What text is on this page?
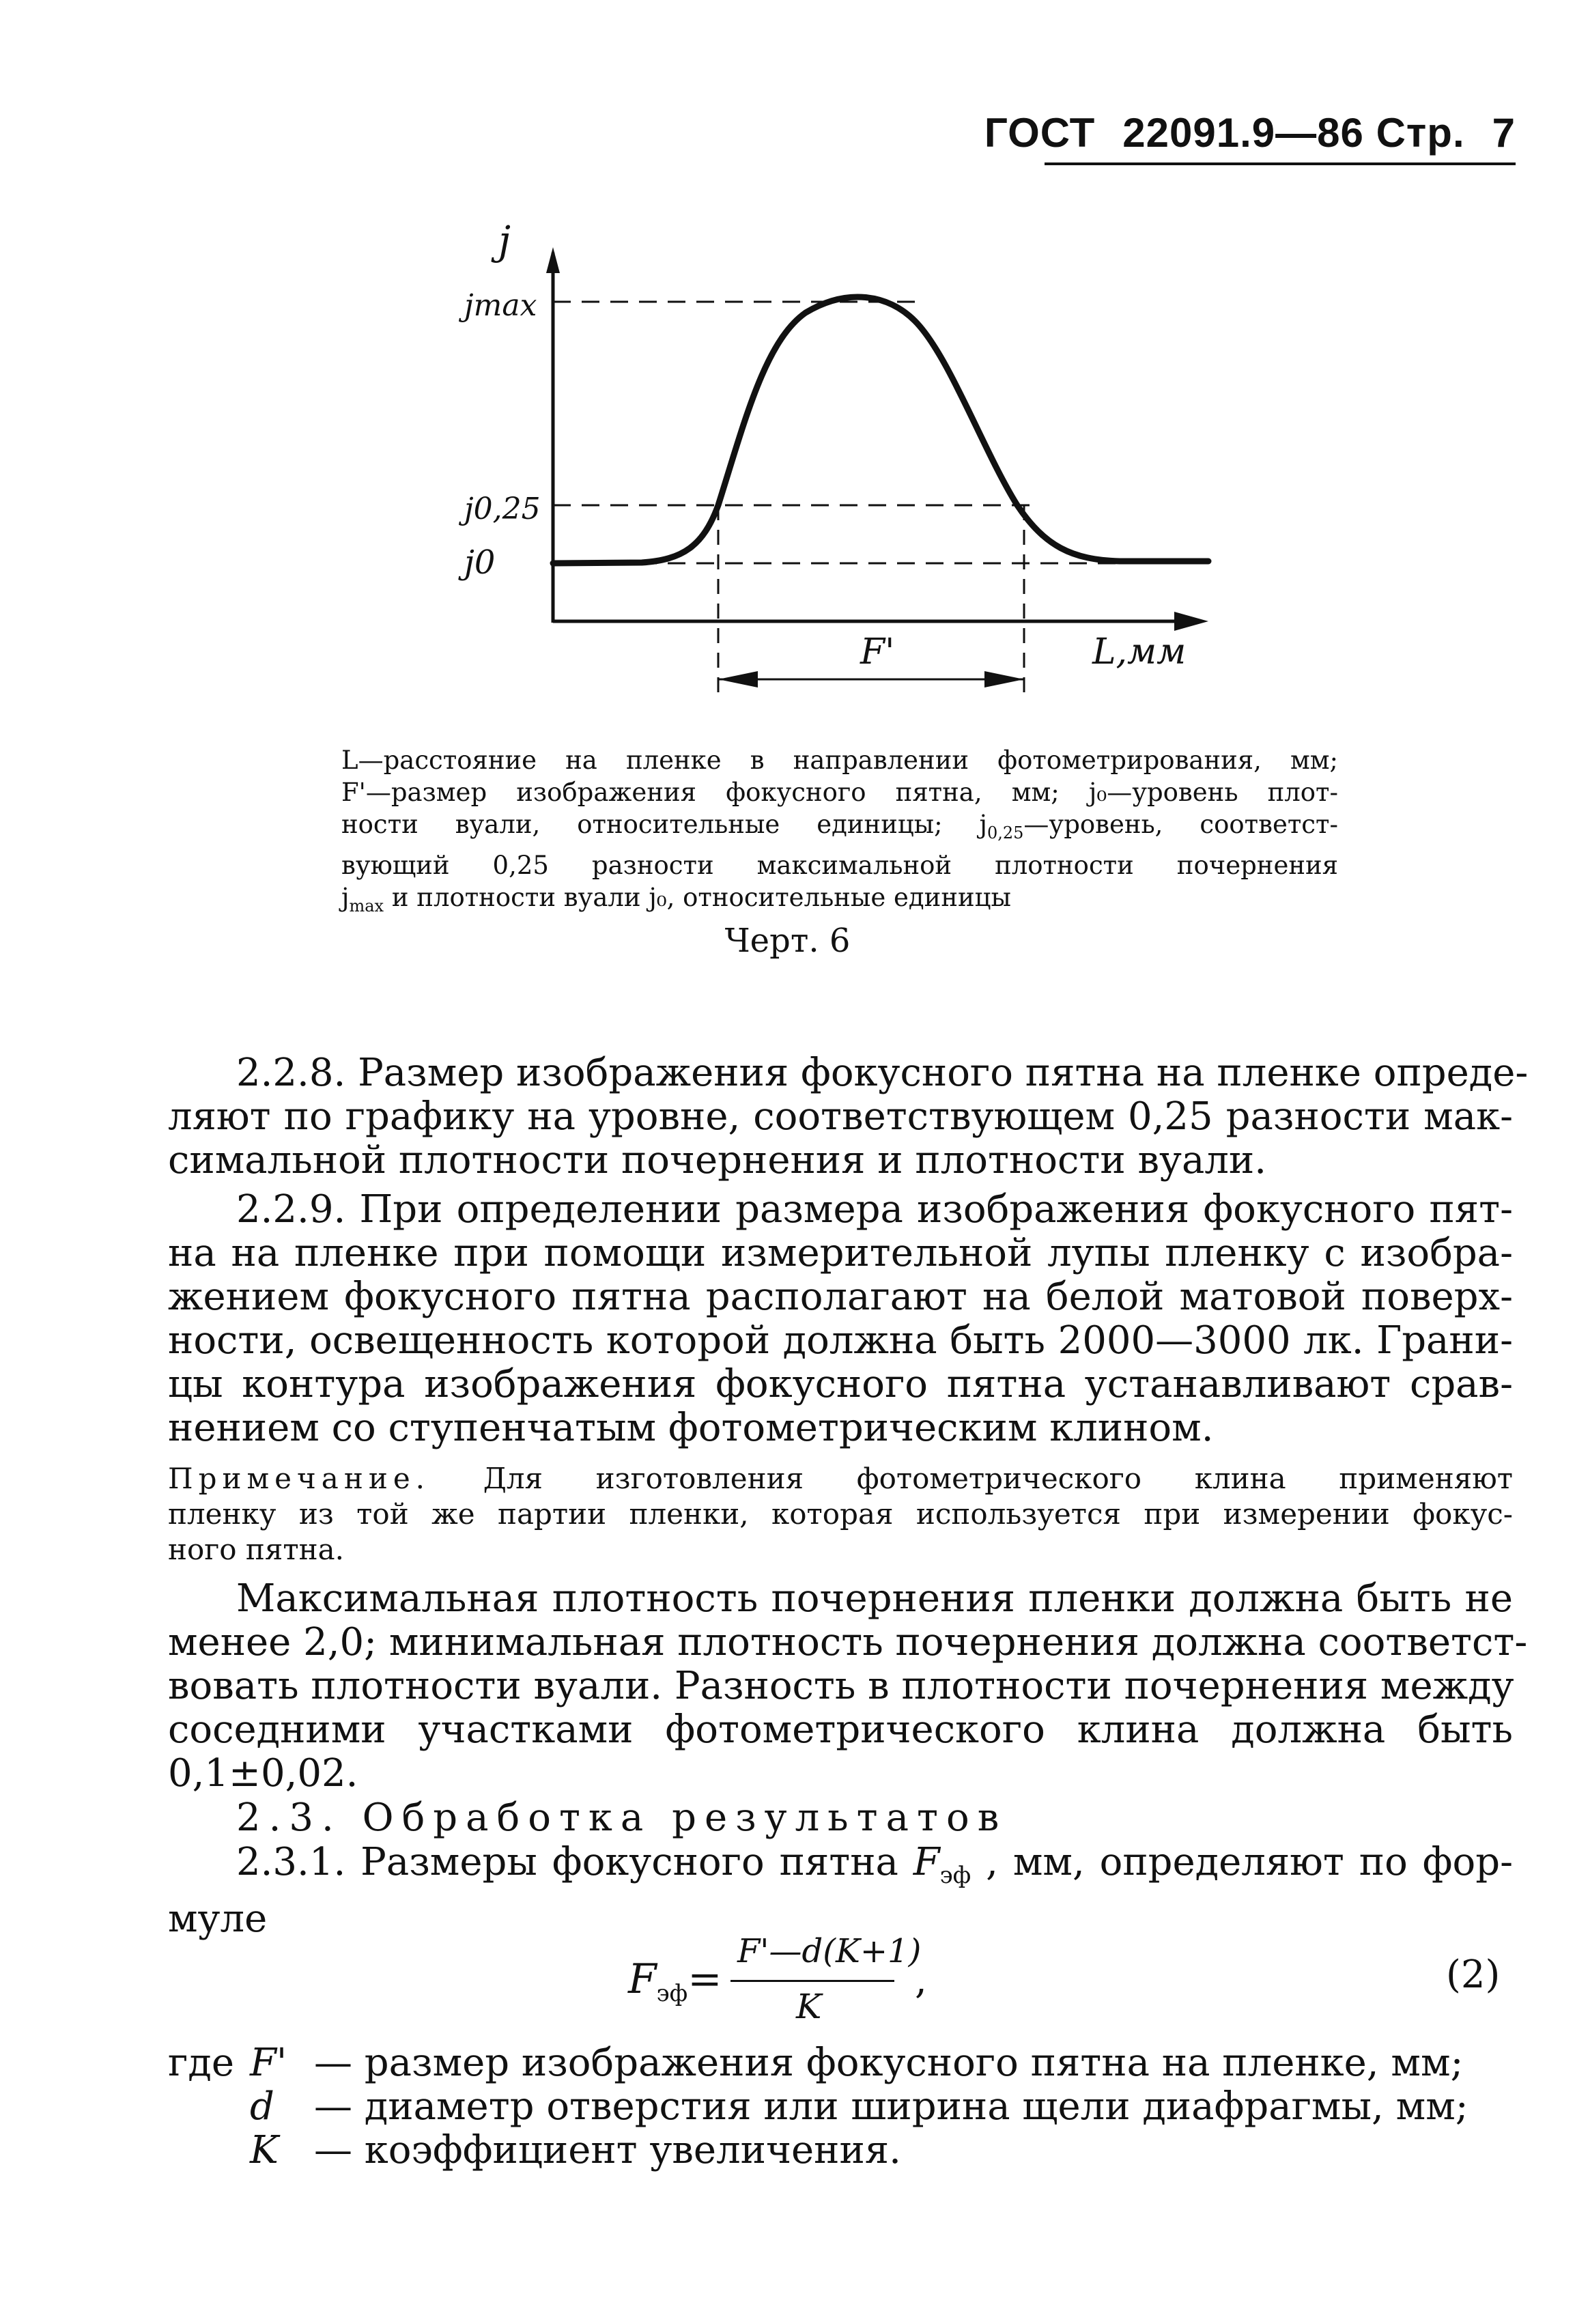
ГОСТ 22091.9—86 Стр. 7
j
jmax
j0,25
j0
F'	L,мм
L—расстояние на пленке в направлении фотометрирования, мм;
F'—размер изображения фокусного пятна, мм; j₀—уровень плот-
ности вуали, относительные единицы; $j_{0,25}—уровень$, соответст-
вующий 0,25 разности максимальной плотности почернения
$j_{max}$ и плотности вуали j₀, относительные единицы
Черт. 6
2.2.8. Размер изображения фокусного пятна на пленке опреде-
ляют по графику на уровне, соответствующем 0,25 разности мак-
симальной плотности почернения и плотности вуали.
2.2.9. При определении размера изображения фокусного пят-
на на пленке при помощи измерительной лупы пленку с изобра-
жением фокусного пятна располагают на белой матовой поверх-
ности, освещенность которой должна быть 2000—3000 лк. Грани-
цы контура изображения фокусного пятна устанавливают срав-
нением со ступенчатым фотометрическим клином.
Примечание. Для изготовления фотометрического клина применяют
пленку из той же партии пленки, которая используется при измерении фокус-
ного пятна.
Максимальная плотность почернения пленки должна быть не
менее 2,0; минимальная плотность почернения должна соответст-
вовать плотности вуали. Разность в плотности почернения между
соседними участками фотометрического клина должна быть
0,1±0,02.
2.3. Обработка результатов
2.3.1. Размеры фокусного пятна $F_{эф}$ , мм, определяют по фор-
муле
$F_{эф}=$
F'—d(K+1)
K
,	(2)
где F' — размер изображения фокусного пятна на пленке, мм;
d — диаметр отверстия или ширина щели диафрагмы, мм;
K — коэффициент увеличения.
